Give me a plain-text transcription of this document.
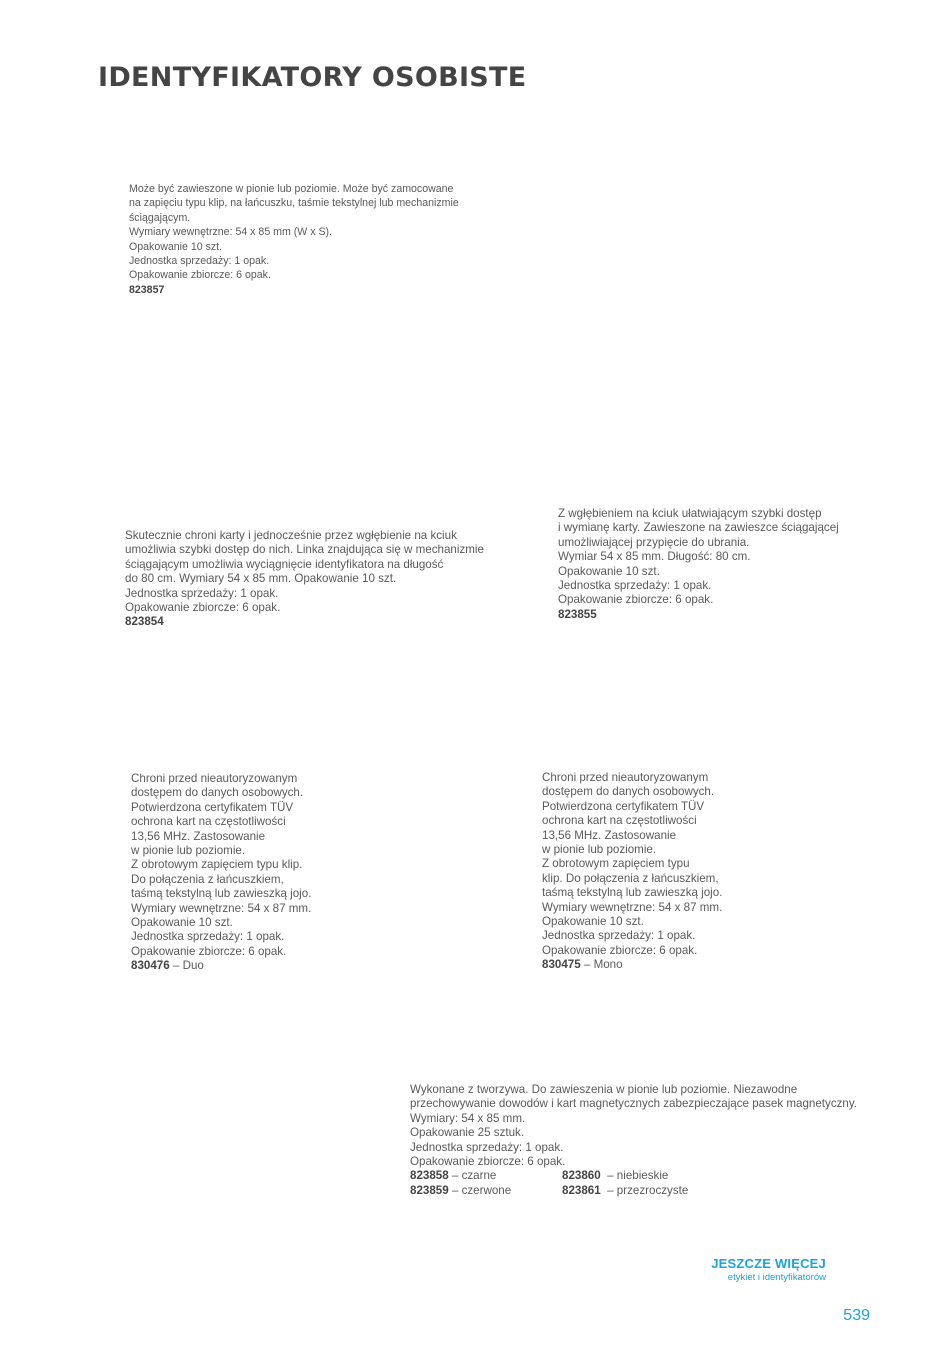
IDENTYFIKATORY OSOBISTE
Może być zawieszone w pionie lub poziomie. Może być zamocowane
na zapięciu typu klip, na łańcuszku, taśmie tekstylnej lub mechanizmie
ściągającym.
Wymiary wewnętrzne: 54 x 85 mm (W x S).
Opakowanie 10 szt.
Jednostka sprzedaży: 1 opak.
Opakowanie zbiorcze: 6 opak.
823857
Skutecznie chroni karty i jednocześnie przez wgłębienie na kciuk
umożliwia szybki dostęp do nich. Linka znajdująca się w mechanizmie
ściągającym umożliwia wyciągnięcie identyfikatora na długość
do 80 cm. Wymiary 54 x 85 mm. Opakowanie 10 szt.
Jednostka sprzedaży: 1 opak.
Opakowanie zbiorcze: 6 opak.
823854
Z wgłębieniem na kciuk ułatwiającym szybki dostęp
i wymianę karty. Zawieszone na zawieszce ściągającej
umożliwiającej przypięcie do ubrania.
Wymiar 54 x 85 mm. Długość: 80 cm.
Opakowanie 10 szt.
Jednostka sprzedaży: 1 opak.
Opakowanie zbiorcze: 6 opak.
823855
Chroni przed nieautoryzowanym
dostępem do danych osobowych.
Potwierdzona certyfikatem TÜV
ochrona kart na częstotliwości
13,56 MHz. Zastosowanie
w pionie lub poziomie.
Z obrotowym zapięciem typu klip.
Do połączenia z łańcuszkiem,
taśmą tekstylną lub zawieszką jojo.
Wymiary wewnętrzne: 54 x 87 mm.
Opakowanie 10 szt.
Jednostka sprzedaży: 1 opak.
Opakowanie zbiorcze: 6 opak.
830476 – Duo
Chroni przed nieautoryzowanym
dostępem do danych osobowych.
Potwierdzona certyfikatem TÜV
ochrona kart na częstotliwości
13,56 MHz. Zastosowanie
w pionie lub poziomie.
Z obrotowym zapięciem typu
klip. Do połączenia z łańcuszkiem,
taśmą tekstylną lub zawieszką jojo.
Wymiary wewnętrzne: 54 x 87 mm.
Opakowanie 10 szt.
Jednostka sprzedaży: 1 opak.
Opakowanie zbiorcze: 6 opak.
830475 – Mono
Wykonane z tworzywa. Do zawieszenia w pionie lub poziomie. Niezawodne
przechowywanie dowodów i kart magnetycznych zabezpieczające pasek magnetyczny.
Wymiary: 54 x 85 mm.
Opakowanie 25 sztuk.
Jednostka sprzedaży: 1 opak.
Opakowanie zbiorcze: 6 opak.
823858 – czarne
823859 – czerwone
823860  – niebieskie
823861  – przezroczyste
JESZCZE WIĘCEJ
etykiet i identyfikatorów
539
